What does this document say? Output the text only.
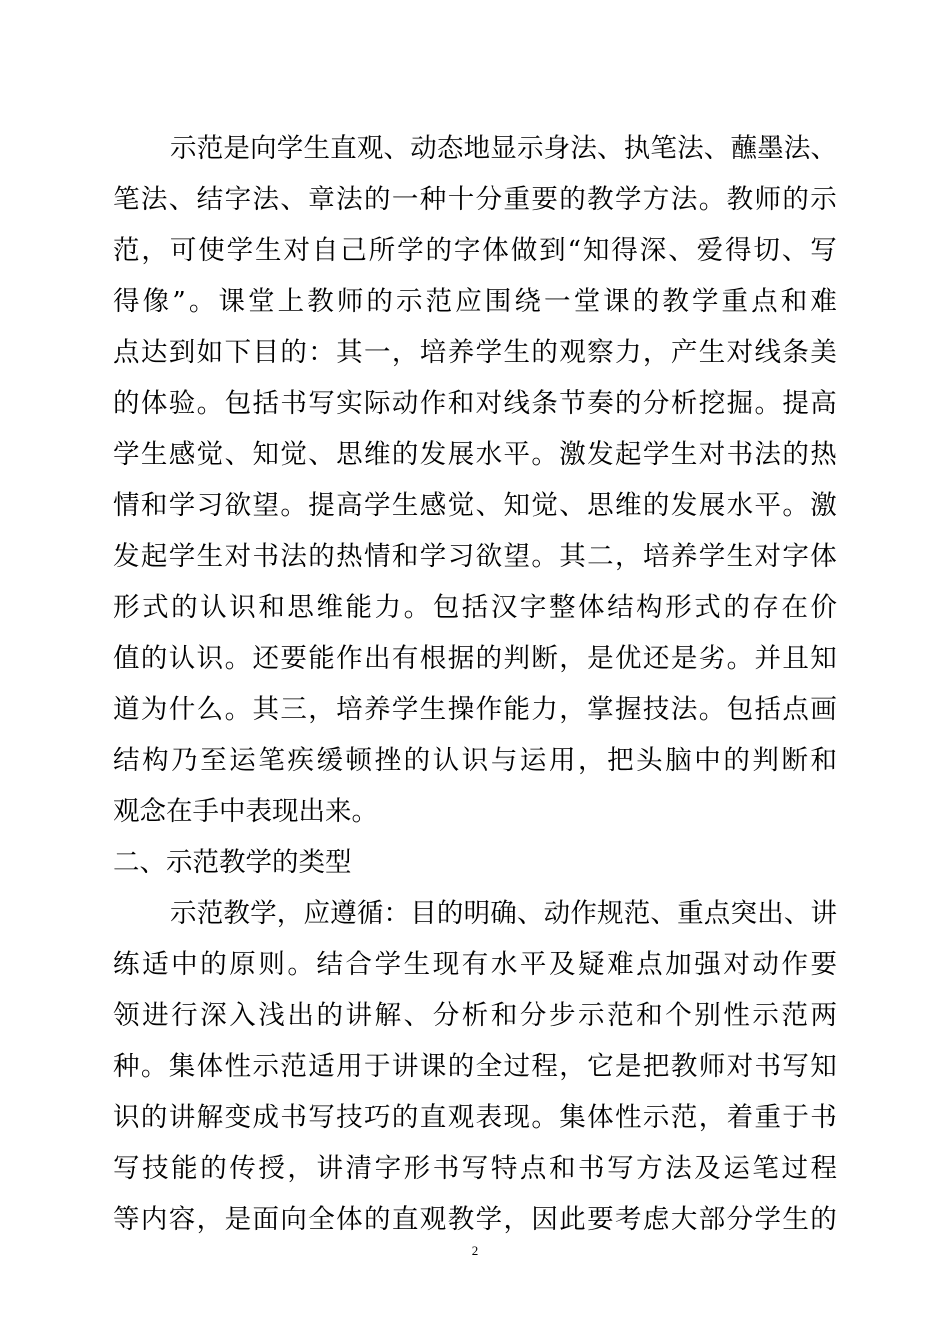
示 范 是 向 学 生 直 观 、 动 态 地 显 示 身 法 、 执 笔 法 、 蘸 墨 法 、
笔 法 、 结 字 法 、 章 法 的 一 种 十 分 重 要 的 教 学 方 法 。 教 师 的 示
范 ， 可 使 学 生 对 自 己 所 学 的 字 体 做 到 “ 知 得 深 、 爱 得 切 、 写
得 像 ” 。 课 堂 上 教 师 的 示 范 应 围 绕 一 堂 课 的 教 学 重 点 和 难
点 达 到 如 下 目 的 ： 其 一 ， 培 养 学 生 的 观 察 力 ， 产 生 对 线 条 美
的 体 验 。 包 括 书 写 实 际 动 作 和 对 线 条 节 奏 的 分 析 挖 掘 。 提 高
学 生 感 觉 、 知 觉 、 思 维 的 发 展 水 平 。 激 发 起 学 生 对 书 法 的 热
情 和 学 习 欲 望 。 提 高 学 生 感 觉 、 知 觉 、 思 维 的 发 展 水 平 。 激
发 起 学 生 对 书 法 的 热 情 和 学 习 欲 望 。 其 二 ， 培 养 学 生 对 字 体
形 式 的 认 识 和 思 维 能 力 。 包 括 汉 字 整 体 结 构 形 式 的 存 在 价
值 的 认 识 。 还 要 能 作 出 有 根 据 的 判 断 ， 是 优 还 是 劣 。 并 且 知
道 为 什 么 。 其 三 ， 培 养 学 生 操 作 能 力 ， 掌 握 技 法 。 包 括 点 画
结 构 乃 至 运 笔 疾 缓 顿 挫 的 认 识 与 运 用 ， 把 头 脑 中 的 判 断 和
观念在手中表现出来。
二、示范教学的类型
示 范 教 学 ， 应 遵 循 ： 目 的 明 确 、 动 作 规 范 、 重 点 突 出 、 讲
练 适 中 的 原 则 。 结 合 学 生 现 有 水 平 及 疑 难 点 加 强 对 动 作 要
领 进 行 深 入 浅 出 的 讲 解 、 分 析 和 分 步 示 范 和 个 别 性 示 范 两
种 。 集 体 性 示 范 适 用 于 讲 课 的 全 过 程 ， 它 是 把 教 师 对 书 写 知
识 的 讲 解 变 成 书 写 技 巧 的 直 观 表 现 。 集 体 性 示 范 ， 着 重 于 书
写 技 能 的 传 授 ， 讲 清 字 形 书 写 特 点 和 书 写 方 法 及 运 笔 过 程
等 内 容 ， 是 面 向 全 体 的 直 观 教 学 ， 因 此 要 考 虑 大 部 分 学 生 的
2
